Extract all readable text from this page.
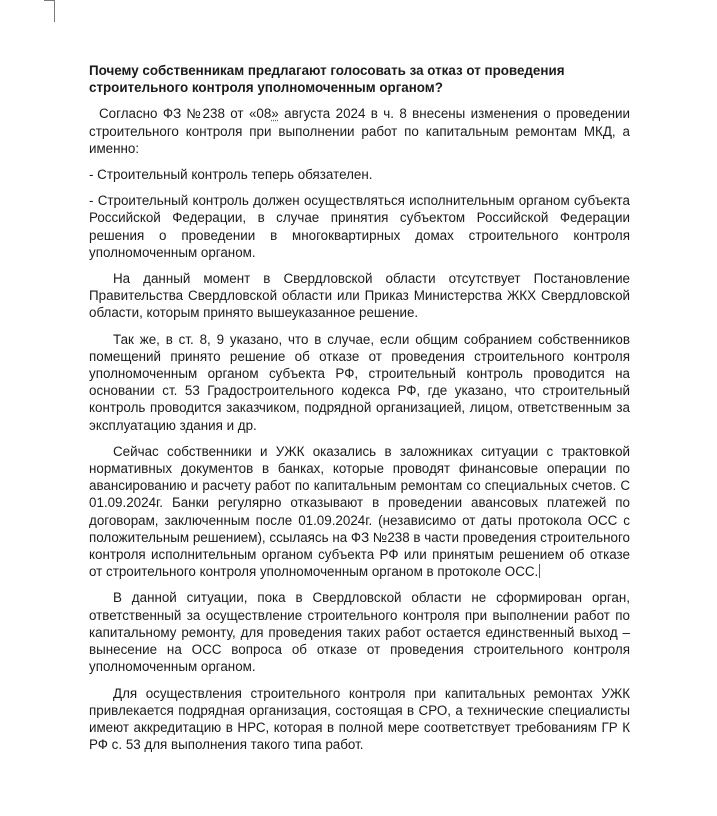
Почему собственникам предлагают голосовать за отказ от проведения строительного контроля уполномоченным органом?

Согласно ФЗ №238 от «08» августа 2024 в ч. 8 внесены изменения о проведении строительного контроля при выполнении работ по капитальным ремонтам МКД, а именно:

- Строительный контроль теперь обязателен.

- Строительный контроль должен осуществляться исполнительным органом субъекта Российской Федерации, в случае принятия субъектом Российской Федерации решения о проведении в многоквартирных домах строительного контроля уполномоченным органом.

На данный момент в Свердловской области отсутствует Постановление Правительства Свердловской области или Приказ Министерства ЖКХ Свердловской области, которым принято вышеуказанное решение.

Так же, в ст. 8, 9 указано, что в случае, если общим собранием собственников помещений принято решение об отказе от проведения строительного контроля уполномоченным органом субъекта РФ, строительный контроль проводится на основании ст. 53 Градостроительного кодекса РФ, где указано, что строительный контроль проводится заказчиком, подрядной организацией, лицом, ответственным за эксплуатацию здания и др.

Сейчас собственники и УЖК оказались в заложниках ситуации с трактовкой нормативных документов в банках, которые проводят финансовые операции по авансированию и расчету работ по капитальным ремонтам со специальных счетов. С 01.09.2024г. Банки регулярно отказывают в проведении авансовых платежей по договорам, заключенным после 01.09.2024г. (независимо от даты протокола ОСС с положительным решением), ссылаясь на ФЗ №238 в части проведения строительного контроля исполнительным органом субъекта РФ или принятым решением об отказе от строительного контроля уполномоченным органом в протоколе ОСС.

В данной ситуации, пока в Свердловской области не сформирован орган, ответственный за осуществление строительного контроля при выполнении работ по капитальному ремонту, для проведения таких работ остается единственный выход – вынесение на ОСС вопроса об отказе от проведения строительного контроля уполномоченным органом.

Для осуществления строительного контроля при капитальных ремонтах УЖК привлекается подрядная организация, состоящая в СРО, а технические специалисты имеют аккредитацию в НРС, которая в полной мере соответствует требованиям ГР К РФ с. 53 для выполнения такого типа работ.
